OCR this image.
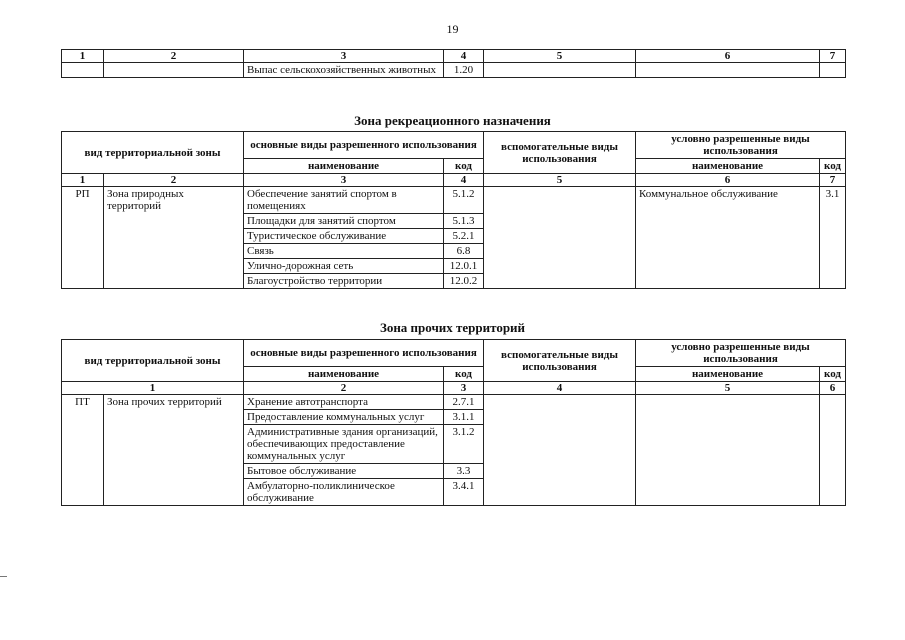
19
1	2	3	4	5	6	7
		Выпас сельскохозяйственных животных	1.20			
Зона рекреационного назначения
вид территориальной зоны		основные виды разрешенного использования		вспомогательные виды использования	условно разрешенные виды использования	
		наименование	код		наименование	код
1	2	3	4	5	6	7
РП	Зона природных территорий	Обеспечение занятий спортом в помещениях	5.1.2		Коммунальное обслуживание	3.1
		Площадки для занятий спортом	5.1.3			
		Туристическое обслуживание	5.2.1			
		Связь	6.8			
		Улично-дорожная сеть	12.0.1			
		Благоустройство территории	12.0.2			
Зона прочих территорий
вид территориальной зоны		основные виды разрешенного использования		вспомогательные виды использования	условно разрешенные виды использования	
		наименование	код		наименование	код
1		2	3	4	5	6
ПТ	Зона прочих территорий	Хранение автотранспорта	2.7.1			
		Предоставление коммунальных услуг	3.1.1			
		Административные здания организаций, обеспечивающих предоставление коммунальных услуг	3.1.2			
		Бытовое обслуживание	3.3			
		Амбулаторно-поликлиническое обслуживание	3.4.1			
